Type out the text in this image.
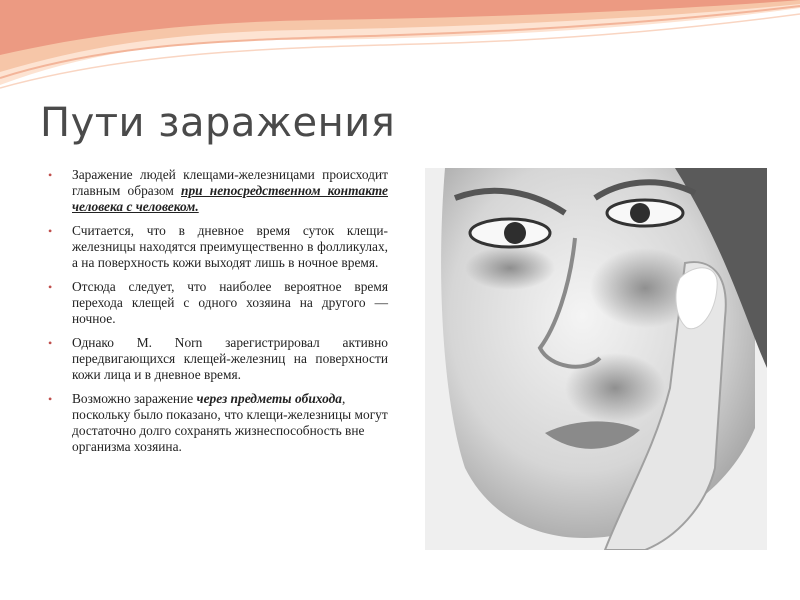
Пути заражения
• Заражение людей клещами-железницами происходит главным образом при непосредственном контакте человека с человеком.
• Считается, что в дневное время суток клещи-железницы находятся преимущественно в фолликулах, а на поверхность кожи выходят лишь в ночное время.
• Отсюда следует, что наиболее вероятное время перехода клещей с одного хозяина на другого — ночное.
• Однако M. Norn зарегистрировал активно передвигающихся клещей-железниц на поверхности кожи лица и в дневное время.
• Возможно заражение через предметы обихода, поскольку было показано, что клещи-железницы могут достаточно долго сохранять жизнеспособность вне организма хозяина.
